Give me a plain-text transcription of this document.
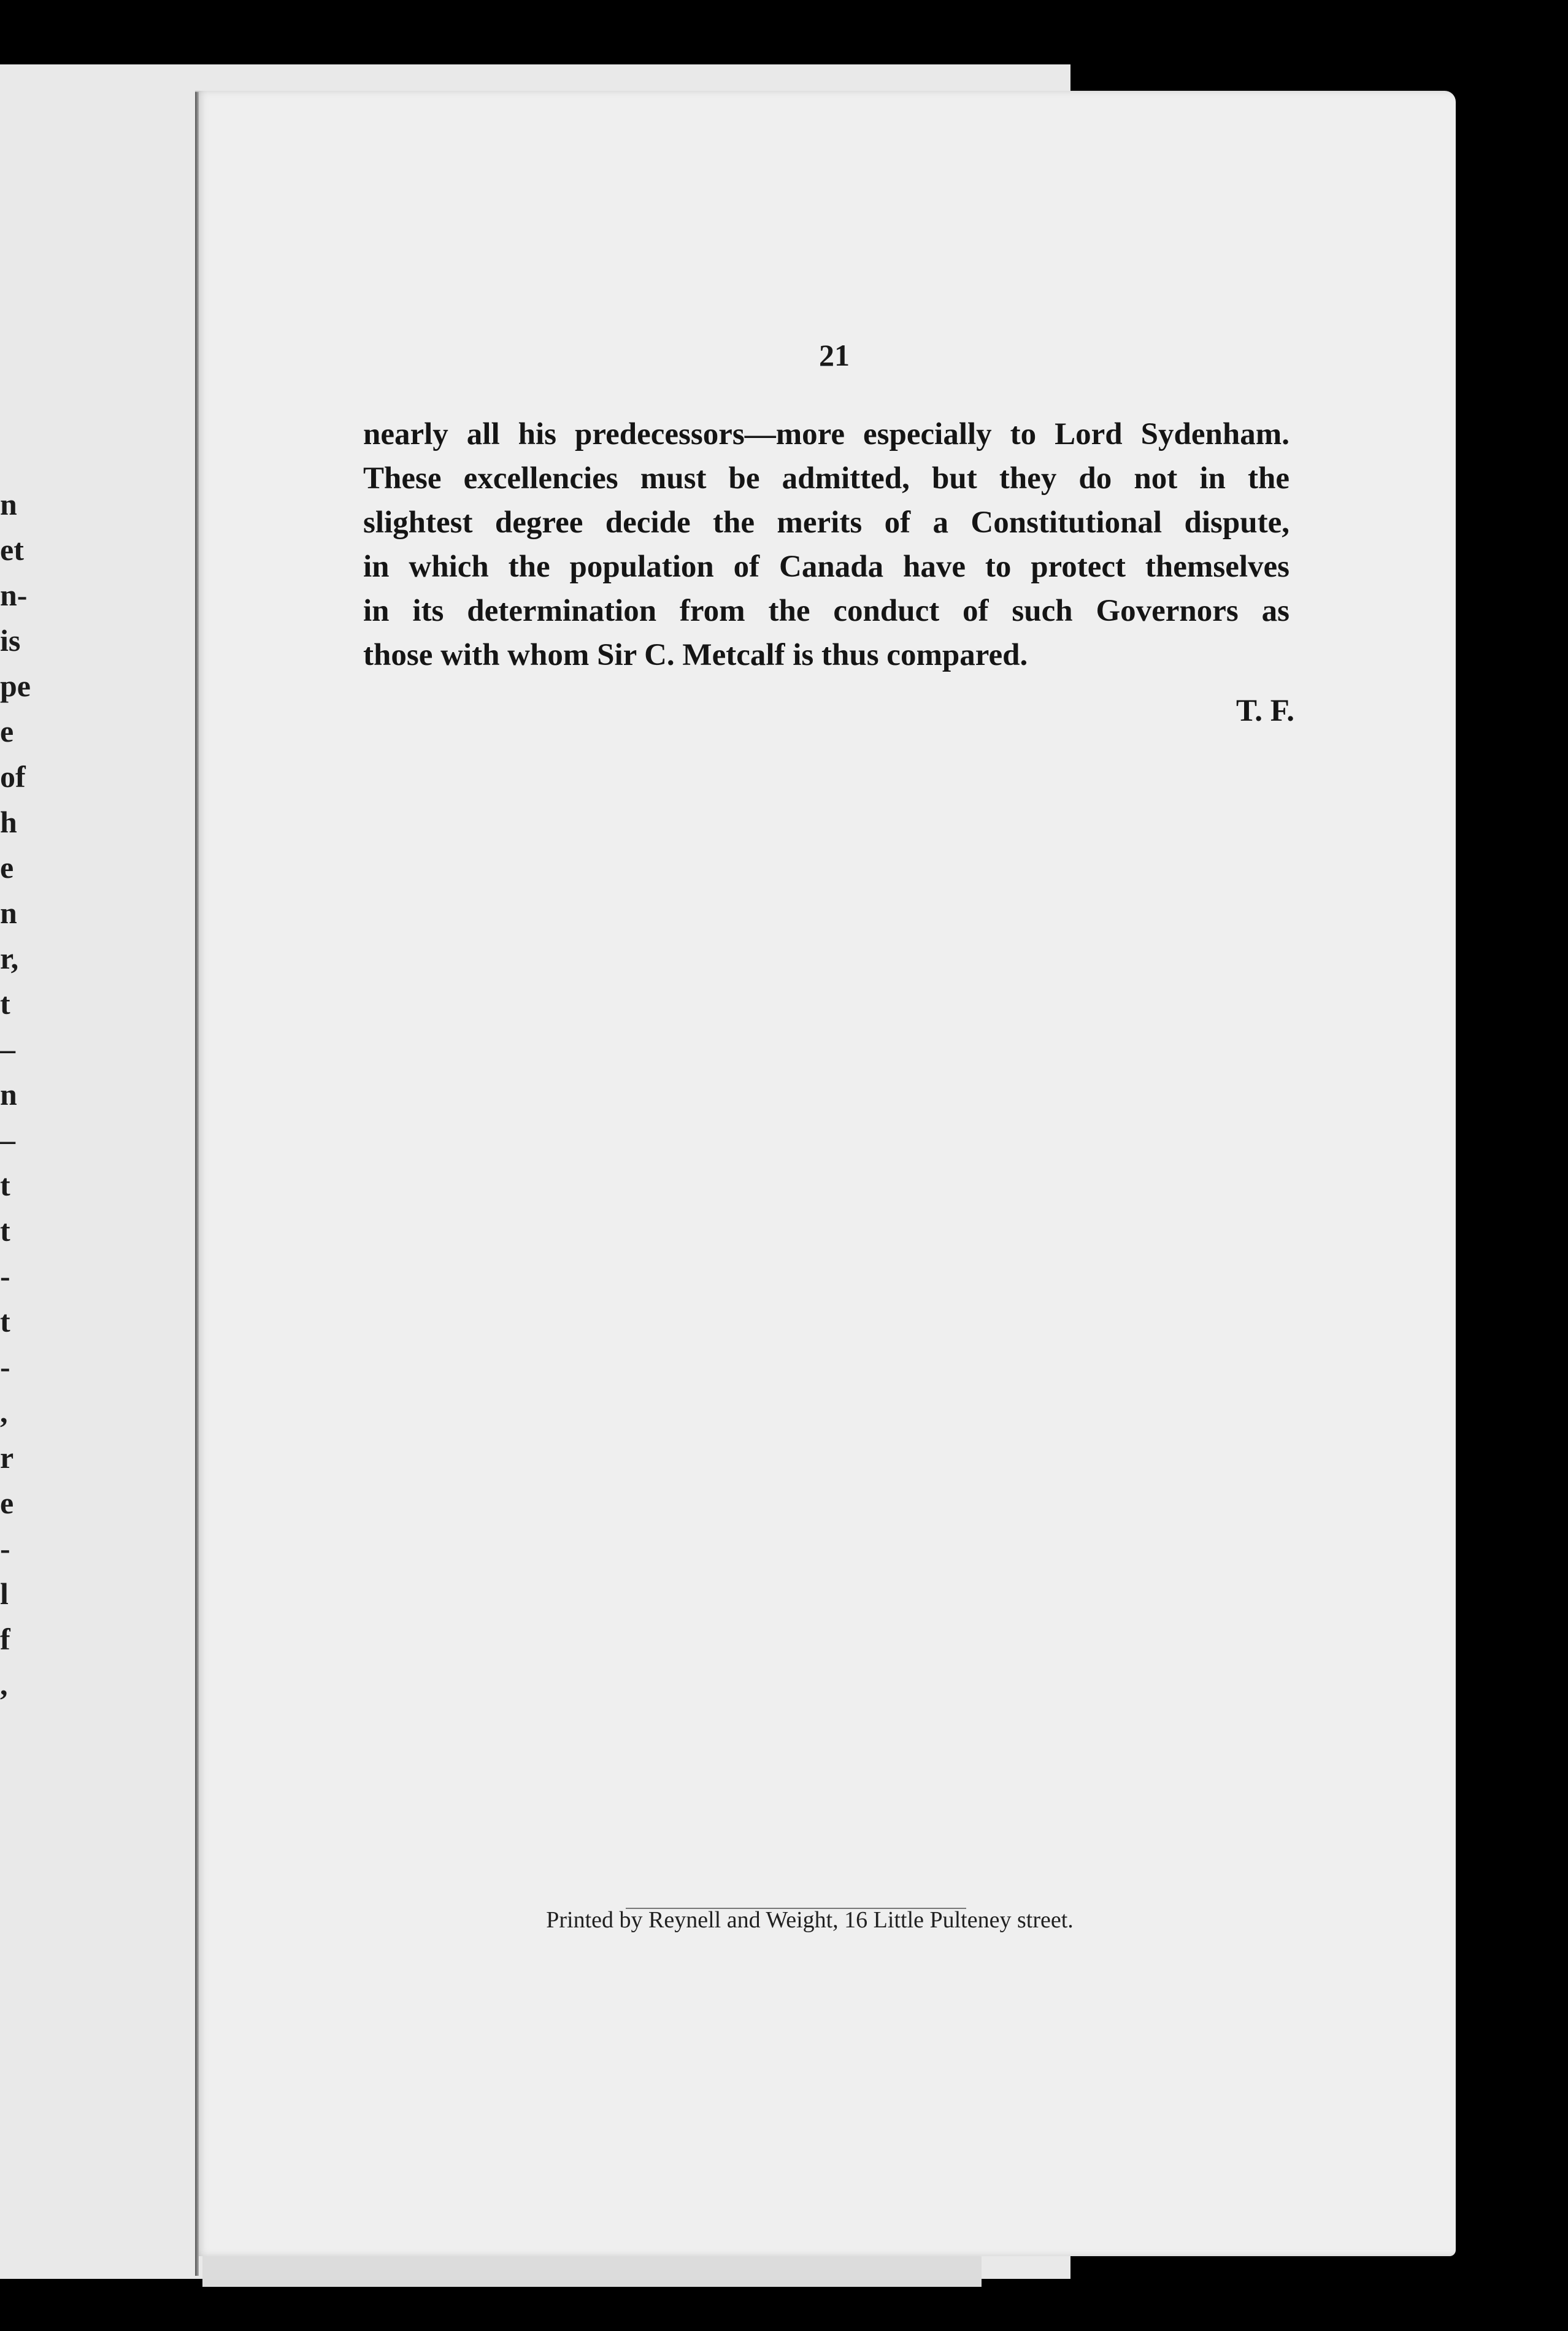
n
et
n-
is
pe
e
of
h
e
n
r,
t
–
n
–
t
t
-
t
-
,
r
e
-
l
f
,
21
nearly all his predecessors—more especially to Lord Sydenham.
These excellencies must be admitted, but they do not in the
slightest degree decide the merits of a Constitutional dispute,
in which the population of Canada have to protect themselves
in its determination from the conduct of such Governors as
those with whom Sir C. Metcalf is thus compared.
T. F.
Printed by Reynell and Weight, 16 Little Pulteney street.
